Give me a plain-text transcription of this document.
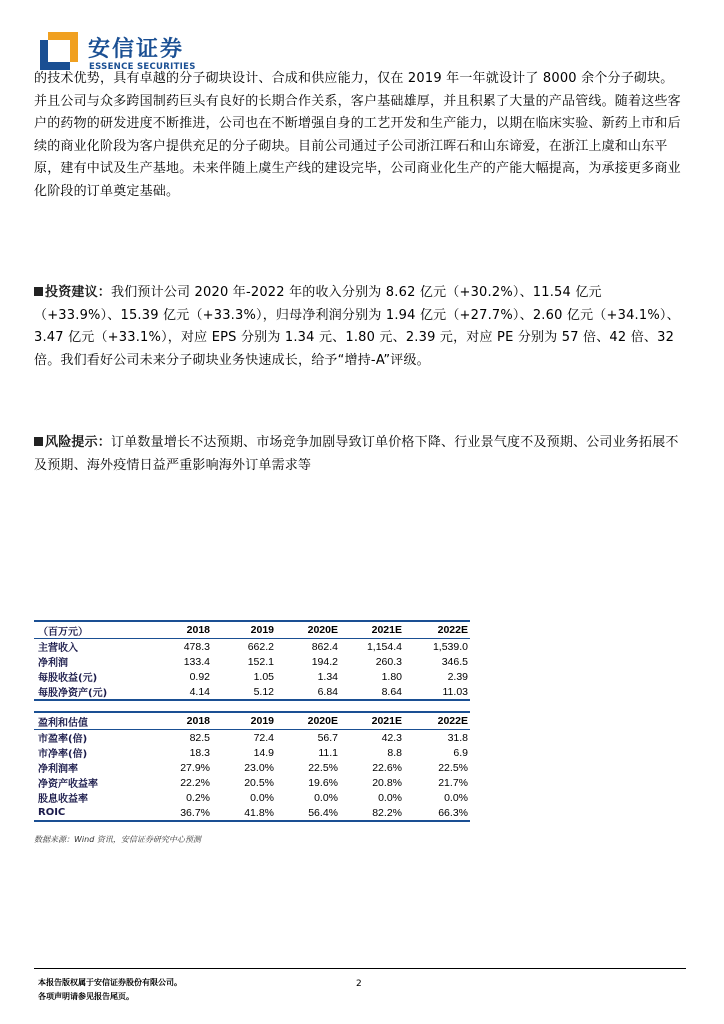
安信证券
ESSENCE SECURITIES

的技术优势，具有卓越的分子砌块设计、合成和供应能力，仅在 2019 年一年就设计了 8000 余个分子砌块。并且公司与众多跨国制药巨头有良好的长期合作关系，客户基础雄厚，并且积累了大量的产品管线。随着这些客户的药物的研发进度不断推进，公司也在不断增强自身的工艺开发和生产能力，以期在临床实验、新药上市和后续的商业化阶段为客户提供充足的分子砌块。目前公司通过子公司浙江晖石和山东谛爱，在浙江上虞和山东平原，建有中试及生产基地。未来伴随上虞生产线的建设完毕，公司商业化生产的产能大幅提高，为承接更多商业化阶段的订单奠定基础。

投资建议：我们预计公司 2020 年-2022 年的收入分别为 8.62 亿元（+30.2%）、11.54 亿元（+33.9%）、15.39 亿元（+33.3%），归母净利润分别为 1.94 亿元（+27.7%）、2.60 亿元（+34.1%）、3.47 亿元（+33.1%），对应 EPS 分别为 1.34 元、1.80 元、2.39 元，对应 PE 分别为 57 倍、42 倍、32 倍。我们看好公司未来分子砌块业务快速成长，给予“增持-A”评级。

风险提示：订单数量增长不达预期、市场竞争加剧导致订单价格下降、行业景气度不及预期、公司业务拓展不及预期、海外疫情日益严重影响海外订单需求等

（百万元）	2018	2019	2020E	2021E	2022E
主营收入	478.3	662.2	862.4	1,154.4	1,539.0
净利润	133.4	152.1	194.2	260.3	346.5
每股收益(元)	0.92	1.05	1.34	1.80	2.39
每股净资产(元)	4.14	5.12	6.84	8.64	11.03

盈利和估值	2018	2019	2020E	2021E	2022E
市盈率(倍)	82.5	72.4	56.7	42.3	31.8
市净率(倍)	18.3	14.9	11.1	8.8	6.9
净利润率	27.9%	23.0%	22.5%	22.6%	22.5%
净资产收益率	22.2%	20.5%	19.6%	20.8%	21.7%
股息收益率	0.2%	0.0%	0.0%	0.0%	0.0%
ROIC	36.7%	41.8%	56.4%	82.2%	66.3%
数据来源：Wind 资讯，安信证券研究中心预测
本报告版权属于安信证券股份有限公司。
各项声明请参见报告尾页。
2
